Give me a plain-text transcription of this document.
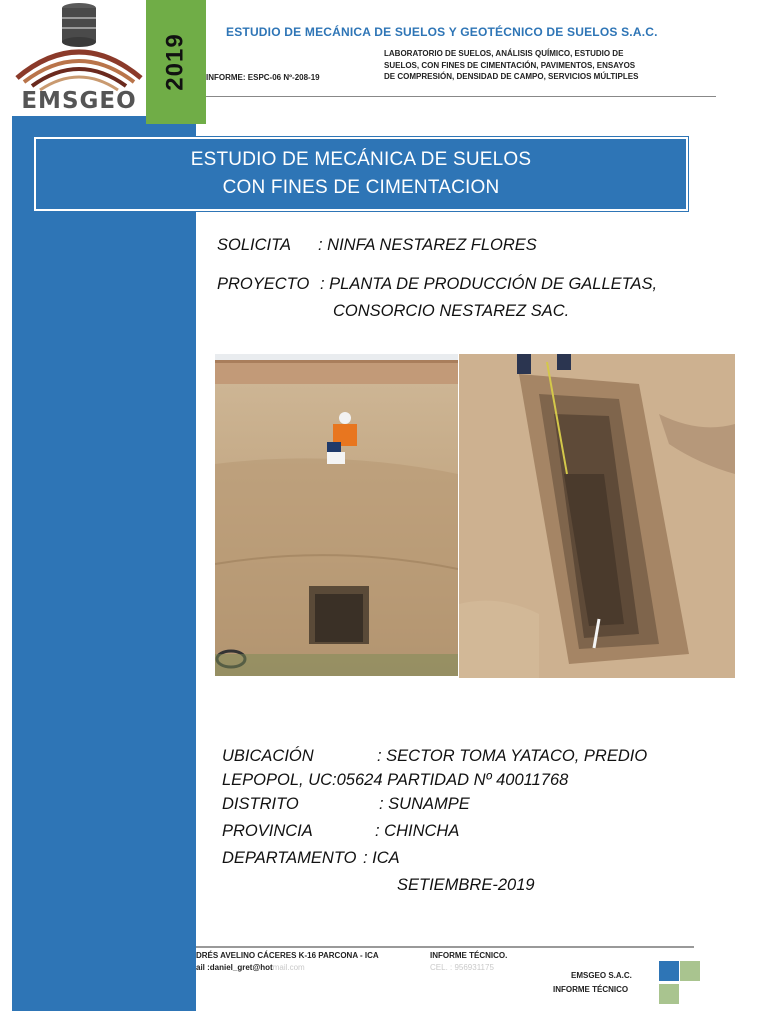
EMSGEO
2019
ESTUDIO DE MECÁNICA DE SUELOS Y GEOTÉCNICO DE SUELOS S.A.C.
LABORATORIO DE SUELOS, ANÁLISIS QUÍMICO, ESTUDIO DE
SUELOS, CON FINES DE CIMENTACIÓN, PAVIMENTOS, ENSAYOS
DE COMPRESIÓN, DENSIDAD DE CAMPO, SERVICIOS MÚLTIPLES
INFORME: ESPC-06 Nº-208-19
ESTUDIO DE MECÁNICA DE SUELOS
CON FINES DE CIMENTACION
SOLICITA : NINFA NESTAREZ FLORES
PROYECTO : PLANTA DE PRODUCCIÓN DE GALLETAS,
CONSORCIO NESTAREZ SAC.
UBICACIÓN	: SECTOR TOMA YATACO, PREDIO
LEPOPOL, UC:05624 PARTIDAD Nº 40011768
DISTRITO	: SUNAMPE
PROVINCIA	: CHINCHA
DEPARTAMENTO : ICA
SETIEMBRE-2019
DRÉS AVELINO CÁCERES K-16 PARCONA - ICA
ail :daniel_gret@hotmail.com
INFORME TÉCNICO.
CEL. : 956931175
EMSGEO S.A.C.
INFORME TÉCNICO
